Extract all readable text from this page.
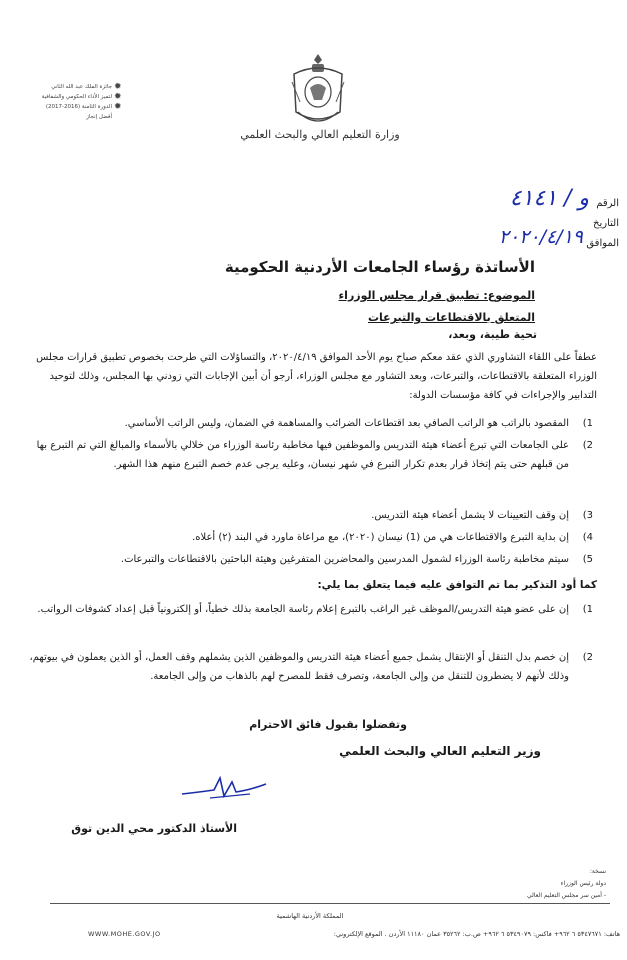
وزارة التعليم العالي والبحث العلمي
✹
✹
✹
جائزة الملك عبد الله الثاني
لتميز الأداء الحكومي والشفافية
الدورة الثامنة (2016-2017)
أفضل إنجاز
الرقم
و / ٤١٤١
التاريخ
الموافق
٢٠٢٠/٤/١٩
الأساتذة رؤساء الجامعات الأردنية الحكومية
الموضوع: تطبيق قرار مجلس الوزراء
المتعلق بالاقتطاعات والتبرعات
تحية طيبة، وبعد،
عطفاً على اللقاء التشاوري الذي عقد معكم صباح يوم الأحد الموافق ٢٠٢٠/٤/١٩، والتساؤلات التي طرحت بخصوص تطبيق قرارات مجلس الوزراء المتعلقة بالاقتطاعات، والتبرعات، وبعد التشاور مع مجلس الوزراء، أرجو أن أبين الإجابات التي زودني بها المجلس، وذلك لتوحيد التدابير والإجراءات في كافة مؤسسات الدولة:
1)
المقصود بالراتب هو الراتب الصافي بعد اقتطاعات الضرائب والمساهمة في الضمان، وليس الراتب الأساسي.
2)
على الجامعات التي تبرع أعضاء هيئة التدريس والموظفين فيها مخاطبة رئاسة الوزراء من خلالي بالأسماء والمبالغ التي تم التبرع بها من قبلهم حتى يتم إتخاذ قرار بعدم تكرار التبرع في شهر نيسان، وعليه يرجى عدم خصم التبرع منهم هذا الشهر.
3)
إن وقف التعيينات لا يشمل أعضاء هيئة التدريس.
4)
إن بداية التبرع والاقتطاعات هي من (1) نيسان (٢٠٢٠)، مع مراعاة ماورد في البند (٢) أعلاه.
5)
سيتم مخاطبة رئاسة الوزراء لشمول المدرسين والمحاضرين المتفرغين وهيئة الباحثين بالاقتطاعات والتبرعات.
كما أود التذكير بما تم التوافق عليه فيما يتعلق بما يلي:
1)
إن على عضو هيئة التدريس/الموظف غير الراغب بالتبرع إعلام رئاسة الجامعة بذلك خطياً، أو إلكترونياً قبل إعداد كشوفات الرواتب.
2)
إن خصم بدل التنقل أو الإنتقال يشمل جميع أعضاء هيئة التدريس والموظفين الذين يشملهم وقف العمل، أو الذين يعملون في بيوتهم، وذلك لأنهم لا يضطرون للتنقل من وإلى الجامعة، وتصرف فقط للمصرح لهم بالذهاب من وإلى الجامعة.
وتفضلوا بقبول فائق الاحترام
وزير التعليم العالي والبحث العلمي
الأستاذ الدكتور محي الدين توق
نسخة:
دولة رئيس الوزراء
- أمين سر مجلس التعليم العالي
المملكة الأردنية الهاشمية
هاتف: ٥٣٤٧٦٧١ ٦ ٩٦٢+ فاكس: ٥٣٤٩٠٧٩ ٦ ٩٦٢+ ص.ب: ٣٥٢٦٢ عمان ١١١٨٠ الأردن . الموقع الإلكتروني:
WWW.MOHE.GOV.JO
